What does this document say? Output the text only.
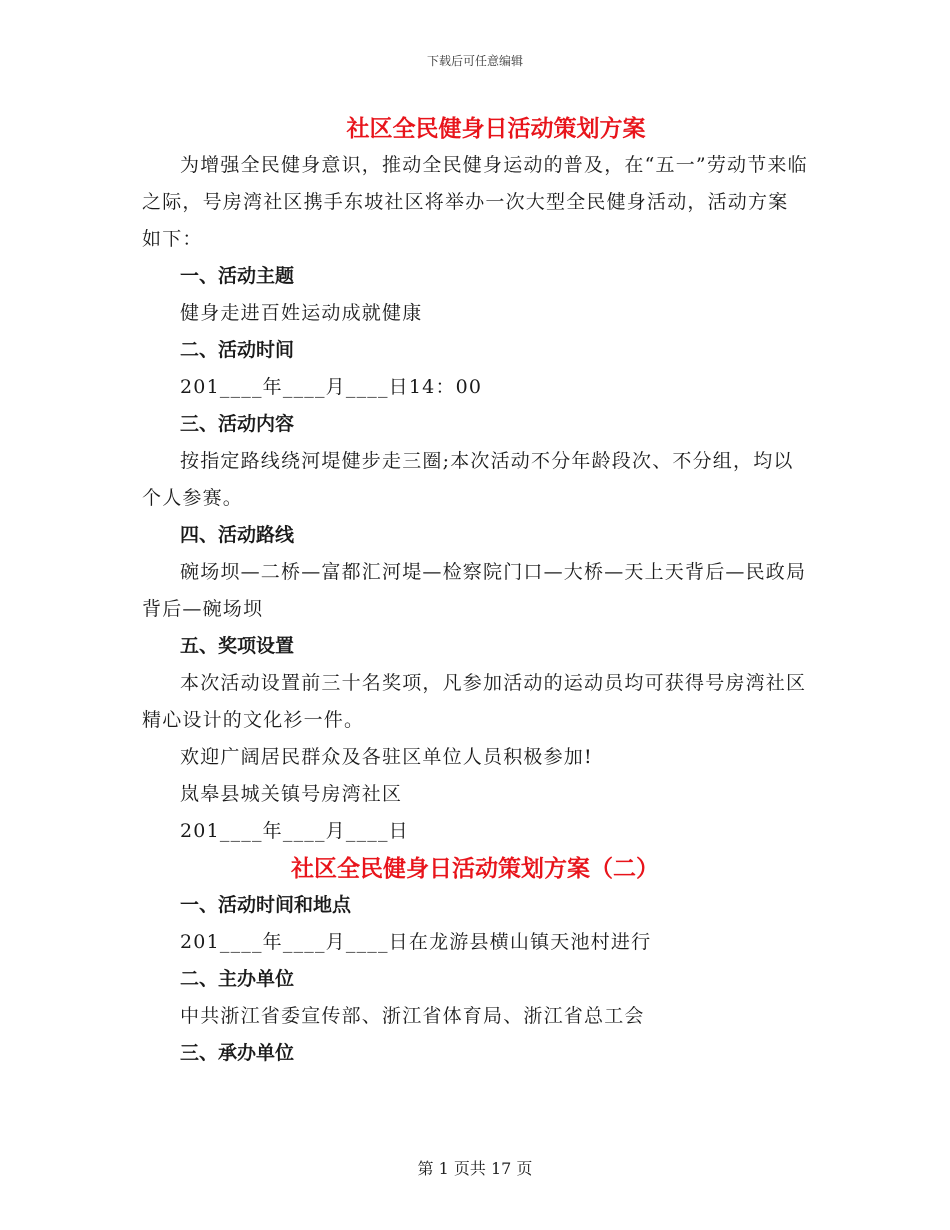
下载后可任意编辑
社区全民健身日活动策划方案

为增强全民健身意识，推动全民健身运动的普及，在“五一”劳动节来临之际，号房湾社区携手东坡社区将举办一次大型全民健身活动，活动方案如下：

一、活动主题

健身走进百姓运动成就健康

二、活动时间

201____年____月____日14：00

三、活动内容

按指定路线绕河堤健步走三圈;本次活动不分年龄段次、不分组，均以个人参赛。

四、活动路线

碗场坝—二桥—富都汇河堤—检察院门口—大桥—天上天背后—民政局背后—碗场坝

五、奖项设置

本次活动设置前三十名奖项，凡参加活动的运动员均可获得号房湾社区精心设计的文化衫一件。

欢迎广阔居民群众及各驻区单位人员积极参加!

岚皋县城关镇号房湾社区

201____年____月____日

社区全民健身日活动策划方案（二）

一、活动时间和地点

201____年____月____日在龙游县横山镇天池村进行

二、主办单位

中共浙江省委宣传部、浙江省体育局、浙江省总工会

三、承办单位

第 1 页共 17 页
